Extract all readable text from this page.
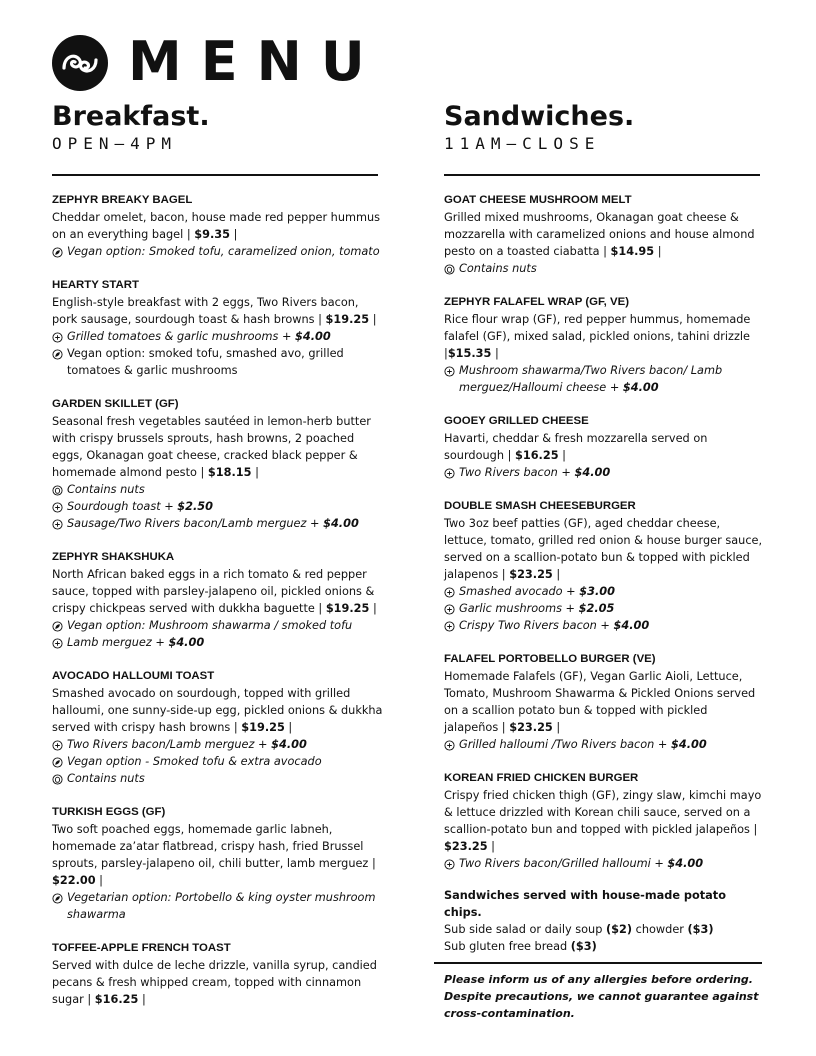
MENU
Breakfast.
OPEN—4PM
ZEPHYR BREAKY BAGEL
Cheddar omelet, bacon, house made red pepper hummus on an everything bagel | $9.35 |
Vegan option: Smoked tofu, caramelized onion, tomato
HEARTY START
English-style breakfast with 2 eggs, Two Rivers bacon, pork sausage, sourdough toast & hash browns | $19.25 |
Grilled tomatoes & garlic mushrooms + $4.00
Vegan option: smoked tofu, smashed avo, grilled tomatoes & garlic mushrooms
GARDEN SKILLET (GF)
Seasonal fresh vegetables sautéed in lemon-herb butter with crispy brussels sprouts, hash browns, 2 poached eggs, Okanagan goat cheese, cracked black pepper & homemade almond pesto | $18.15 |
Contains nuts
Sourdough toast + $2.50
Sausage/Two Rivers bacon/Lamb merguez + $4.00
ZEPHYR SHAKSHUKA
North African baked eggs in a rich tomato & red pepper sauce, topped with parsley-jalapeno oil, pickled onions & crispy chickpeas served with dukkha baguette | $19.25 |
Vegan option: Mushroom shawarma / smoked tofu
Lamb merguez + $4.00
AVOCADO HALLOUMI TOAST
Smashed avocado on sourdough, topped with grilled halloumi, one sunny-side-up egg, pickled onions & dukkha served with crispy hash browns | $19.25 |
Two Rivers bacon/Lamb merguez + $4.00
Vegan option - Smoked tofu & extra avocado
Contains nuts
TURKISH EGGS (GF)
Two soft poached eggs, homemade garlic labneh, homemade za’atar flatbread, crispy hash, fried Brussel sprouts, parsley-jalapeno oil, chili butter, lamb merguez | $22.00 |
Vegetarian option: Portobello & king oyster mushroom shawarma
TOFFEE-APPLE FRENCH TOAST
Served with dulce de leche drizzle, vanilla syrup, candied pecans & fresh whipped cream, topped with cinnamon sugar | $16.25 |
Sandwiches.
11AM—CLOSE
GOAT CHEESE MUSHROOM MELT
Grilled mixed mushrooms, Okanagan goat cheese & mozzarella with caramelized onions and house almond pesto on a toasted ciabatta | $14.95 |
Contains nuts
ZEPHYR FALAFEL WRAP (GF, VE)
Rice flour wrap (GF), red pepper hummus, homemade falafel (GF), mixed salad, pickled onions, tahini drizzle |$15.35 |
Mushroom shawarma/Two Rivers bacon/ Lamb merguez/Halloumi cheese + $4.00
GOOEY GRILLED CHEESE
Havarti, cheddar & fresh mozzarella served on sourdough | $16.25 |
Two Rivers bacon + $4.00
DOUBLE SMASH CHEESEBURGER
Two 3oz beef patties (GF), aged cheddar cheese, lettuce, tomato, grilled red onion & house burger sauce, served on a scallion-potato bun & topped with pickled jalapenos | $23.25 |
Smashed avocado + $3.00
Garlic mushrooms + $2.05
Crispy Two Rivers bacon + $4.00
FALAFEL PORTOBELLO BURGER (VE)
Homemade Falafels (GF), Vegan Garlic Aioli, Lettuce, Tomato, Mushroom Shawarma & Pickled Onions served on a scallion potato bun & topped with pickled jalapeños | $23.25 |
Grilled halloumi /Two Rivers bacon + $4.00
KOREAN FRIED CHICKEN BURGER
Crispy fried chicken thigh (GF), zingy slaw, kimchi mayo & lettuce drizzled with Korean chili sauce, served on a scallion-potato bun and topped with pickled jalapeños | $23.25 |
Two Rivers bacon/Grilled halloumi + $4.00
Sandwiches served with house-made potato chips.
Sub side salad or daily soup ($2) chowder ($3)
Sub gluten free bread ($3)
Please inform us of any allergies before ordering. Despite precautions, we cannot guarantee against cross-contamination.
